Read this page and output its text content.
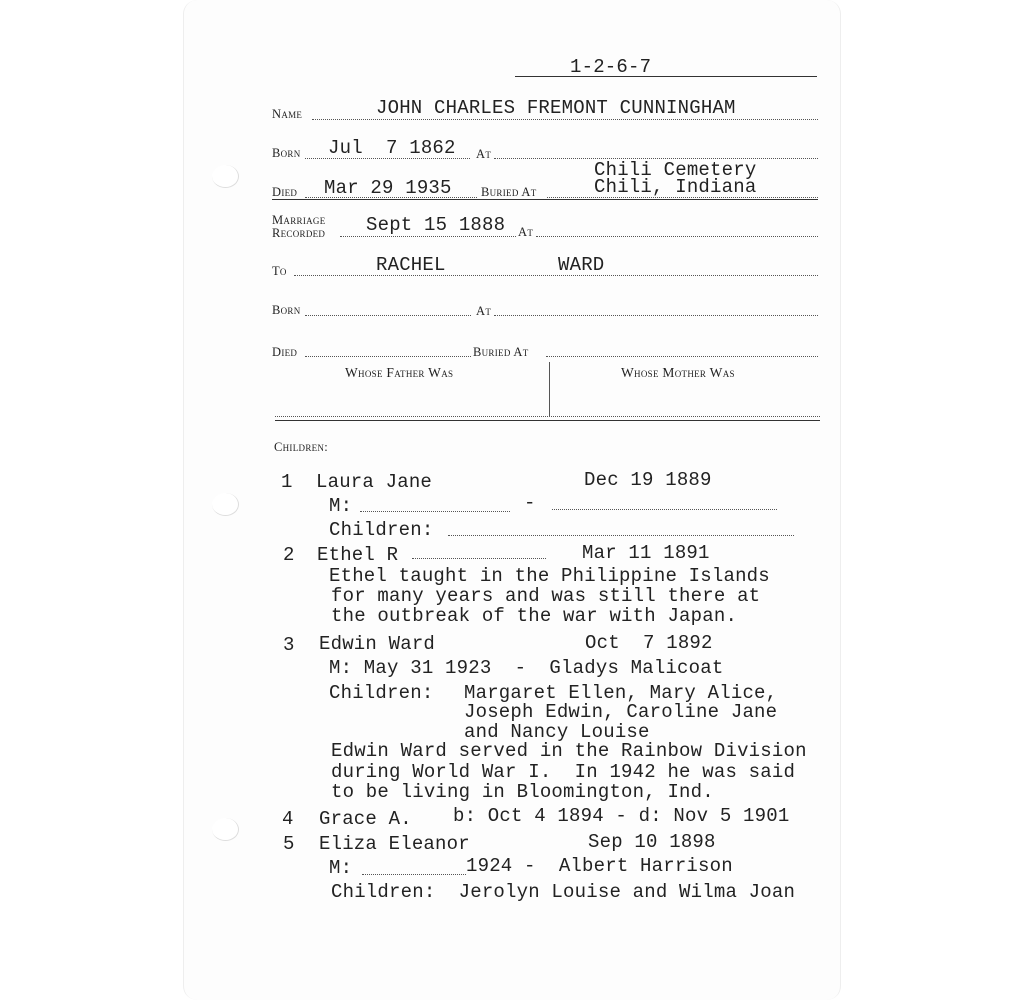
1-2-6-7
Name	JOHN CHARLES FREMONT CUNNINGHAM
Born Jul  7 1862 At
Died Mar 29 1935 Buried At
Chili Cemetery
Chili, Indiana
Marriage
Recorded Sept 15 1888 At
To	RACHEL	WARD
Born	At
Died	Buried At
Whose Father Was	Whose Mother Was
Children:
1 Laura Jane	Dec 19 1889
M:	-
Children:
2 Ethel R	Mar 11 1891
Ethel taught in the Philippine Islands
for many years and was still there at
the outbreak of the war with Japan.
3 Edwin Ward	Oct  7 1892
M: May 31 1923  -  Gladys Malicoat
Children: Margaret Ellen, Mary Alice,
Joseph Edwin, Caroline Jane
and Nancy Louise
Edwin Ward served in the Rainbow Division
during World War I.  In 1942 he was said
to be living in Bloomington, Ind.
4 Grace A. b: Oct 4 1894 - d: Nov 5 1901
5 Eliza Eleanor	Sep 10 1898
M:	1924 -  Albert Harrison
Children:  Jerolyn Louise and Wilma Joan
